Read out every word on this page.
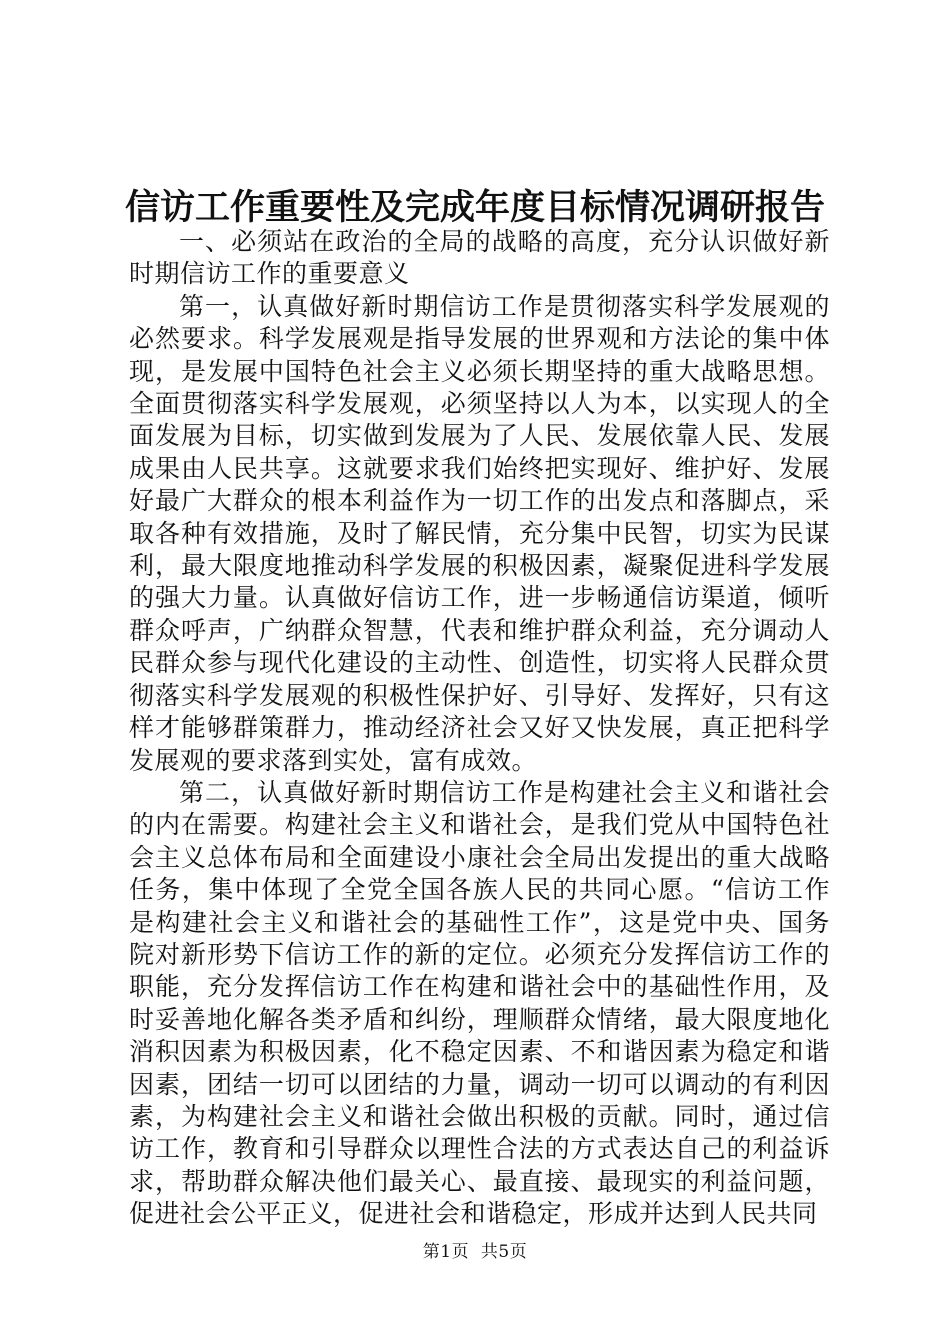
信访工作重要性及完成年度目标情况调研报告

一、必须站在政治的全局的战略的高度，充分认识做好新时期信访工作的重要意义

第一，认真做好新时期信访工作是贯彻落实科学发展观的必然要求。科学发展观是指导发展的世界观和方法论的集中体现，是发展中国特色社会主义必须长期坚持的重大战略思想。全面贯彻落实科学发展观，必须坚持以人为本，以实现人的全面发展为目标，切实做到发展为了人民、发展依靠人民、发展成果由人民共享。这就要求我们始终把实现好、维护好、发展好最广大群众的根本利益作为一切工作的出发点和落脚点，采取各种有效措施，及时了解民情，充分集中民智，切实为民谋利，最大限度地推动科学发展的积极因素，凝聚促进科学发展的强大力量。认真做好信访工作，进一步畅通信访渠道，倾听群众呼声，广纳群众智慧，代表和维护群众利益，充分调动人民群众参与现代化建设的主动性、创造性，切实将人民群众贯彻落实科学发展观的积极性保护好、引导好、发挥好，只有这样才能够群策群力，推动经济社会又好又快发展，真正把科学发展观的要求落到实处，富有成效。

第二，认真做好新时期信访工作是构建社会主义和谐社会的内在需要。构建社会主义和谐社会，是我们党从中国特色社会主义总体布局和全面建设小康社会全局出发提出的重大战略任务，集中体现了全党全国各族人民的共同心愿。“信访工作是构建社会主义和谐社会的基础性工作”，这是党中央、国务院对新形势下信访工作的新的定位。必须充分发挥信访工作的职能，充分发挥信访工作在构建和谐社会中的基础性作用，及时妥善地化解各类矛盾和纠纷，理顺群众情绪，最大限度地化消积因素为积极因素，化不稳定因素、不和谐因素为稳定和谐因素，团结一切可以团结的力量，调动一切可以调动的有利因素，为构建社会主义和谐社会做出积极的贡献。同时，通过信访工作，教育和引导群众以理性合法的方式表达自己的利益诉求，帮助群众解决他们最关心、最直接、最现实的利益问题，促进社会公平正义，促进社会和谐稳定，形成并达到人民共同

第1页 共5页
